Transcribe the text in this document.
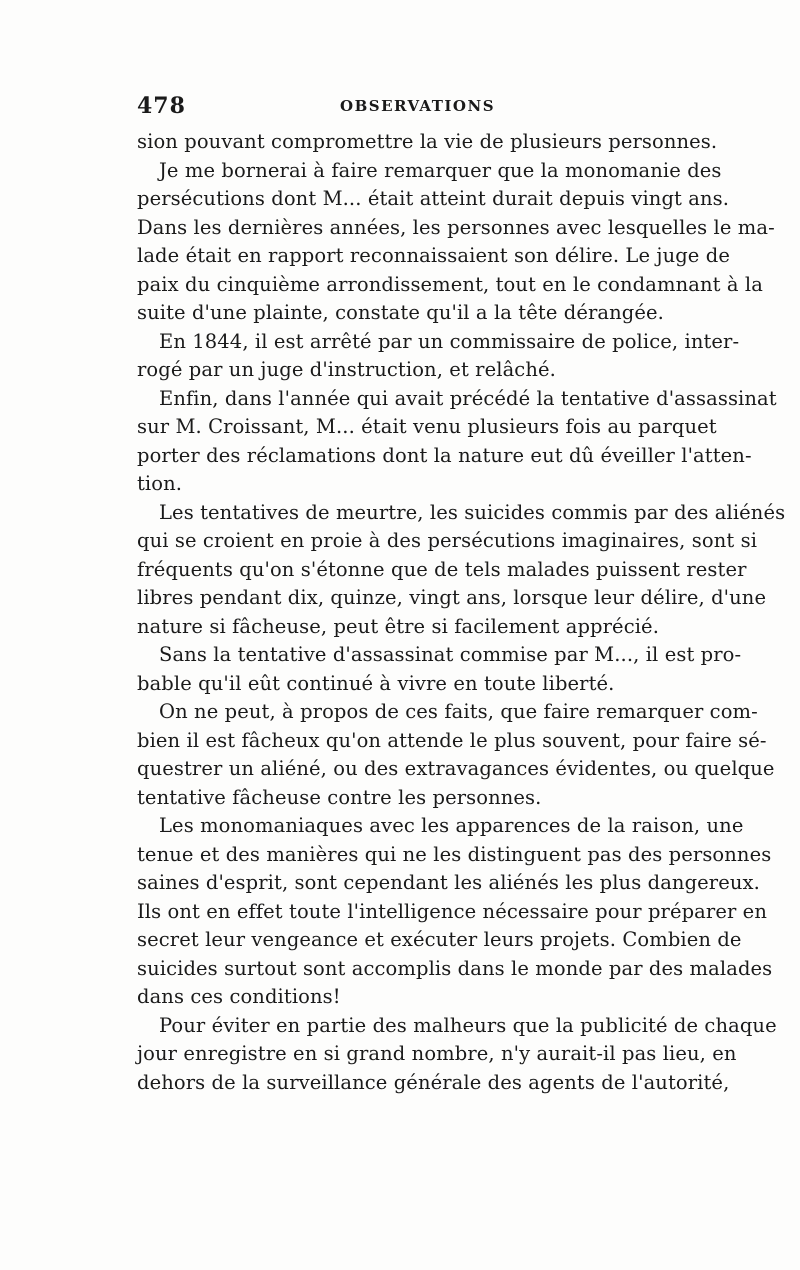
478	OBSERVATIONS
sion pouvant compromettre la vie de plusieurs personnes.
Je me bornerai à faire remarquer que la monomanie des
persécutions dont M... était atteint durait depuis vingt ans.
Dans les dernières années, les personnes avec lesquelles le ma-
lade était en rapport reconnaissaient son délire. Le juge de
paix du cinquième arrondissement, tout en le condamnant à la
suite d'une plainte, constate qu'il a la tête dérangée.
En 1844, il est arrêté par un commissaire de police, inter-
rogé par un juge d'instruction, et relâché.
Enfin, dans l'année qui avait précédé la tentative d'assassinat
sur M. Croissant, M... était venu plusieurs fois au parquet
porter des réclamations dont la nature eut dû éveiller l'atten-
tion.
Les tentatives de meurtre, les suicides commis par des aliénés
qui se croient en proie à des persécutions imaginaires, sont si
fréquents qu'on s'étonne que de tels malades puissent rester
libres pendant dix, quinze, vingt ans, lorsque leur délire, d'une
nature si fâcheuse, peut être si facilement apprécié.
Sans la tentative d'assassinat commise par M..., il est pro-
bable qu'il eût continué à vivre en toute liberté.
On ne peut, à propos de ces faits, que faire remarquer com-
bien il est fâcheux qu'on attende le plus souvent, pour faire sé-
questrer un aliéné, ou des extravagances évidentes, ou quelque
tentative fâcheuse contre les personnes.
Les monomaniaques avec les apparences de la raison, une
tenue et des manières qui ne les distinguent pas des personnes
saines d'esprit, sont cependant les aliénés les plus dangereux.
Ils ont en effet toute l'intelligence nécessaire pour préparer en
secret leur vengeance et exécuter leurs projets. Combien de
suicides surtout sont accomplis dans le monde par des malades
dans ces conditions!
Pour éviter en partie des malheurs que la publicité de chaque
jour enregistre en si grand nombre, n'y aurait-il pas lieu, en
dehors de la surveillance générale des agents de l'autorité,
